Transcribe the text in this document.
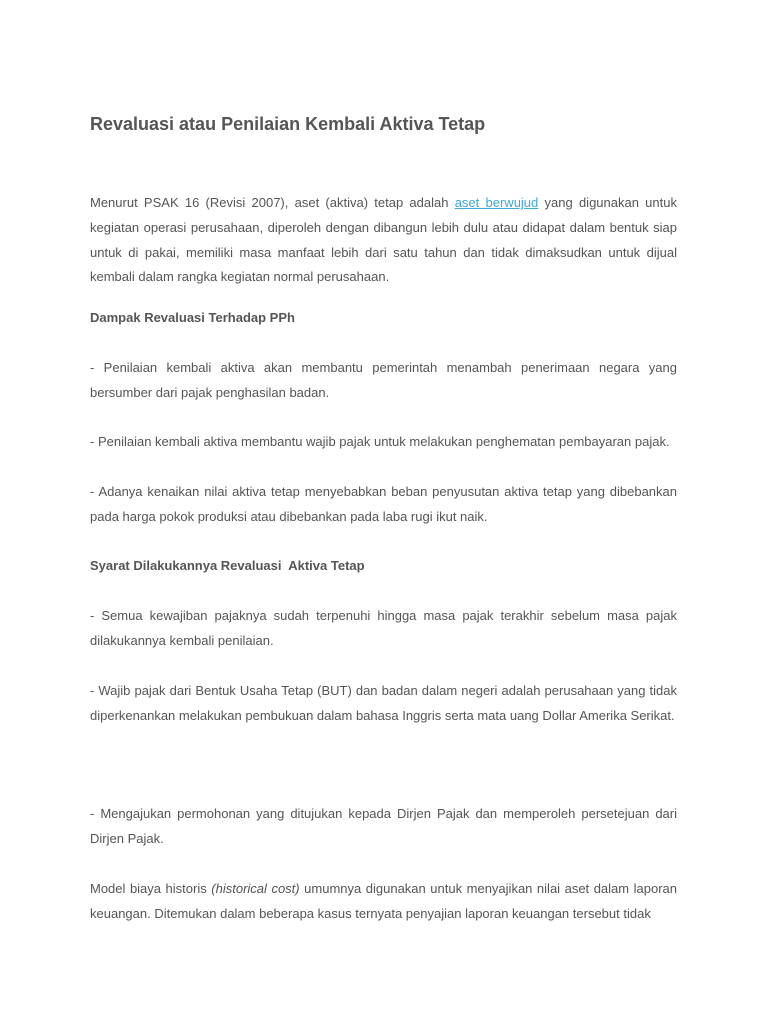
Revaluasi atau Penilaian Kembali Aktiva Tetap

Menurut PSAK 16 (Revisi 2007), aset (aktiva) tetap adalah aset berwujud yang digunakan untuk kegiatan operasi perusahaan, diperoleh dengan dibangun lebih dulu atau didapat dalam bentuk siap untuk di pakai, memiliki masa manfaat lebih dari satu tahun dan tidak dimaksudkan untuk dijual kembali dalam rangka kegiatan normal perusahaan.

Dampak Revaluasi Terhadap PPh

- Penilaian kembali aktiva akan membantu pemerintah menambah penerimaan negara yang bersumber dari pajak penghasilan badan.

- Penilaian kembali aktiva membantu wajib pajak untuk melakukan penghematan pembayaran pajak.

- Adanya kenaikan nilai aktiva tetap menyebabkan beban penyusutan aktiva tetap yang dibebankan pada harga pokok produksi atau dibebankan pada laba rugi ikut naik.

Syarat Dilakukannya Revaluasi  Aktiva Tetap

- Semua kewajiban pajaknya sudah terpenuhi hingga masa pajak terakhir sebelum masa pajak dilakukannya kembali penilaian.

- Wajib pajak dari Bentuk Usaha Tetap (BUT) dan badan dalam negeri adalah perusahaan yang tidak diperkenankan melakukan pembukuan dalam bahasa Inggris serta mata uang Dollar Amerika Serikat.

- Mengajukan permohonan yang ditujukan kepada Dirjen Pajak dan memperoleh persetejuan dari Dirjen Pajak.

Model biaya historis (historical cost) umumnya digunakan untuk menyajikan nilai aset dalam laporan keuangan. Ditemukan dalam beberapa kasus ternyata penyajian laporan keuangan tersebut tidak
